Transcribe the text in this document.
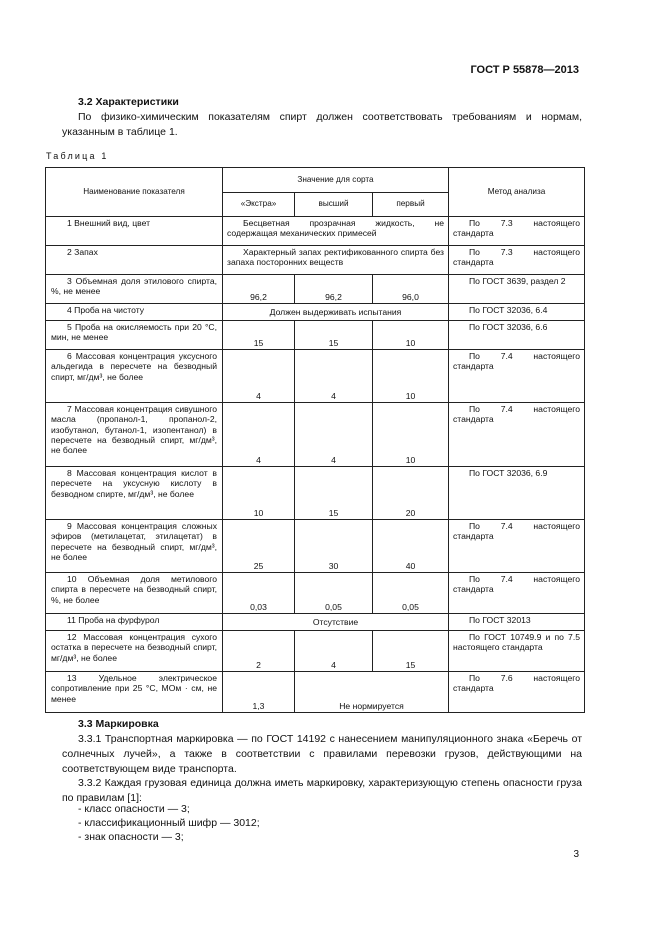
ГОСТ Р 55878—2013
3.2 Характеристики
По физико-химическим показателям спирт должен соответствовать требованиям и нормам, указанным в таблице 1.
Таблица 1
Наименование показателя	Значение для сорта			Метод анализа
	«Экстра»	высший	первый	

1 Внешний вид, цвет	Бесцветная прозрачная жидкость, не содержащая механических примесей			По 7.3 настоящего стандарта

2 Запах	Характерный запах ректификованного спирта без запаха посторонних веществ			По 7.3 настоящего стандарта

3 Объемная доля этилового спирта, %, не менее	96,2	96,2	96,0	По ГОСТ 3639, раздел 2

4 Проба на чистоту	Должен выдерживать испытания			По ГОСТ 32036, 6.4

5 Проба на окисляемость при 20 °С, мин, не менее	15	15	10	По ГОСТ 32036, 6.6

6 Массовая концентрация уксусного альдегида в пересчете на безводный спирт, мг/дм³, не более	4	4	10	По 7.4 настоящего стандарта

7 Массовая концентрация сивушного масла (пропанол-1, пропанол-2, изобутанол, бутанол-1, изопентанол) в пересчете на безводный спирт, мг/дм³, не более	4	4	10	По 7.4 настоящего стандарта

8 Массовая концентрация кислот в пересчете на уксусную кислоту в безводном спирте, мг/дм³, не более	10	15	20	По ГОСТ 32036, 6.9

9 Массовая концентрация сложных эфиров (метилацетат, этилацетат) в пересчете на безводный спирт, мг/дм³, не более	25	30	40	По 7.4 настоящего стандарта

10 Объемная доля метилового спирта в пересчете на безводный спирт, %, не более	0,03	0,05	0,05	По 7.4 настоящего стандарта

11 Проба на фурфурол	Отсутствие			По ГОСТ 32013

12 Массовая концентрация сухого остатка в пересчете на безводный спирт, мг/дм³, не более	2	4	15	По ГОСТ 10749.9 и по 7.5 настоящего стандарта

13 Удельное электрическое сопротивление при 25 °С, МОм · см, не менее	1,3	Не нормируется		По 7.6 настоящего стандарта
3.3 Маркировка
3.3.1 Транспортная маркировка — по ГОСТ 14192 с нанесением манипуляционного знака «Беречь от солнечных лучей», а также в соответствии с правилами перевозки грузов, действующими на соответствующем виде транспорта.
3.3.2 Каждая грузовая единица должна иметь маркировку, характеризующую степень опасности груза по правилам [1]:
- класс опасности — 3;
- классификационный шифр — 3012;
- знак опасности — 3;
3
